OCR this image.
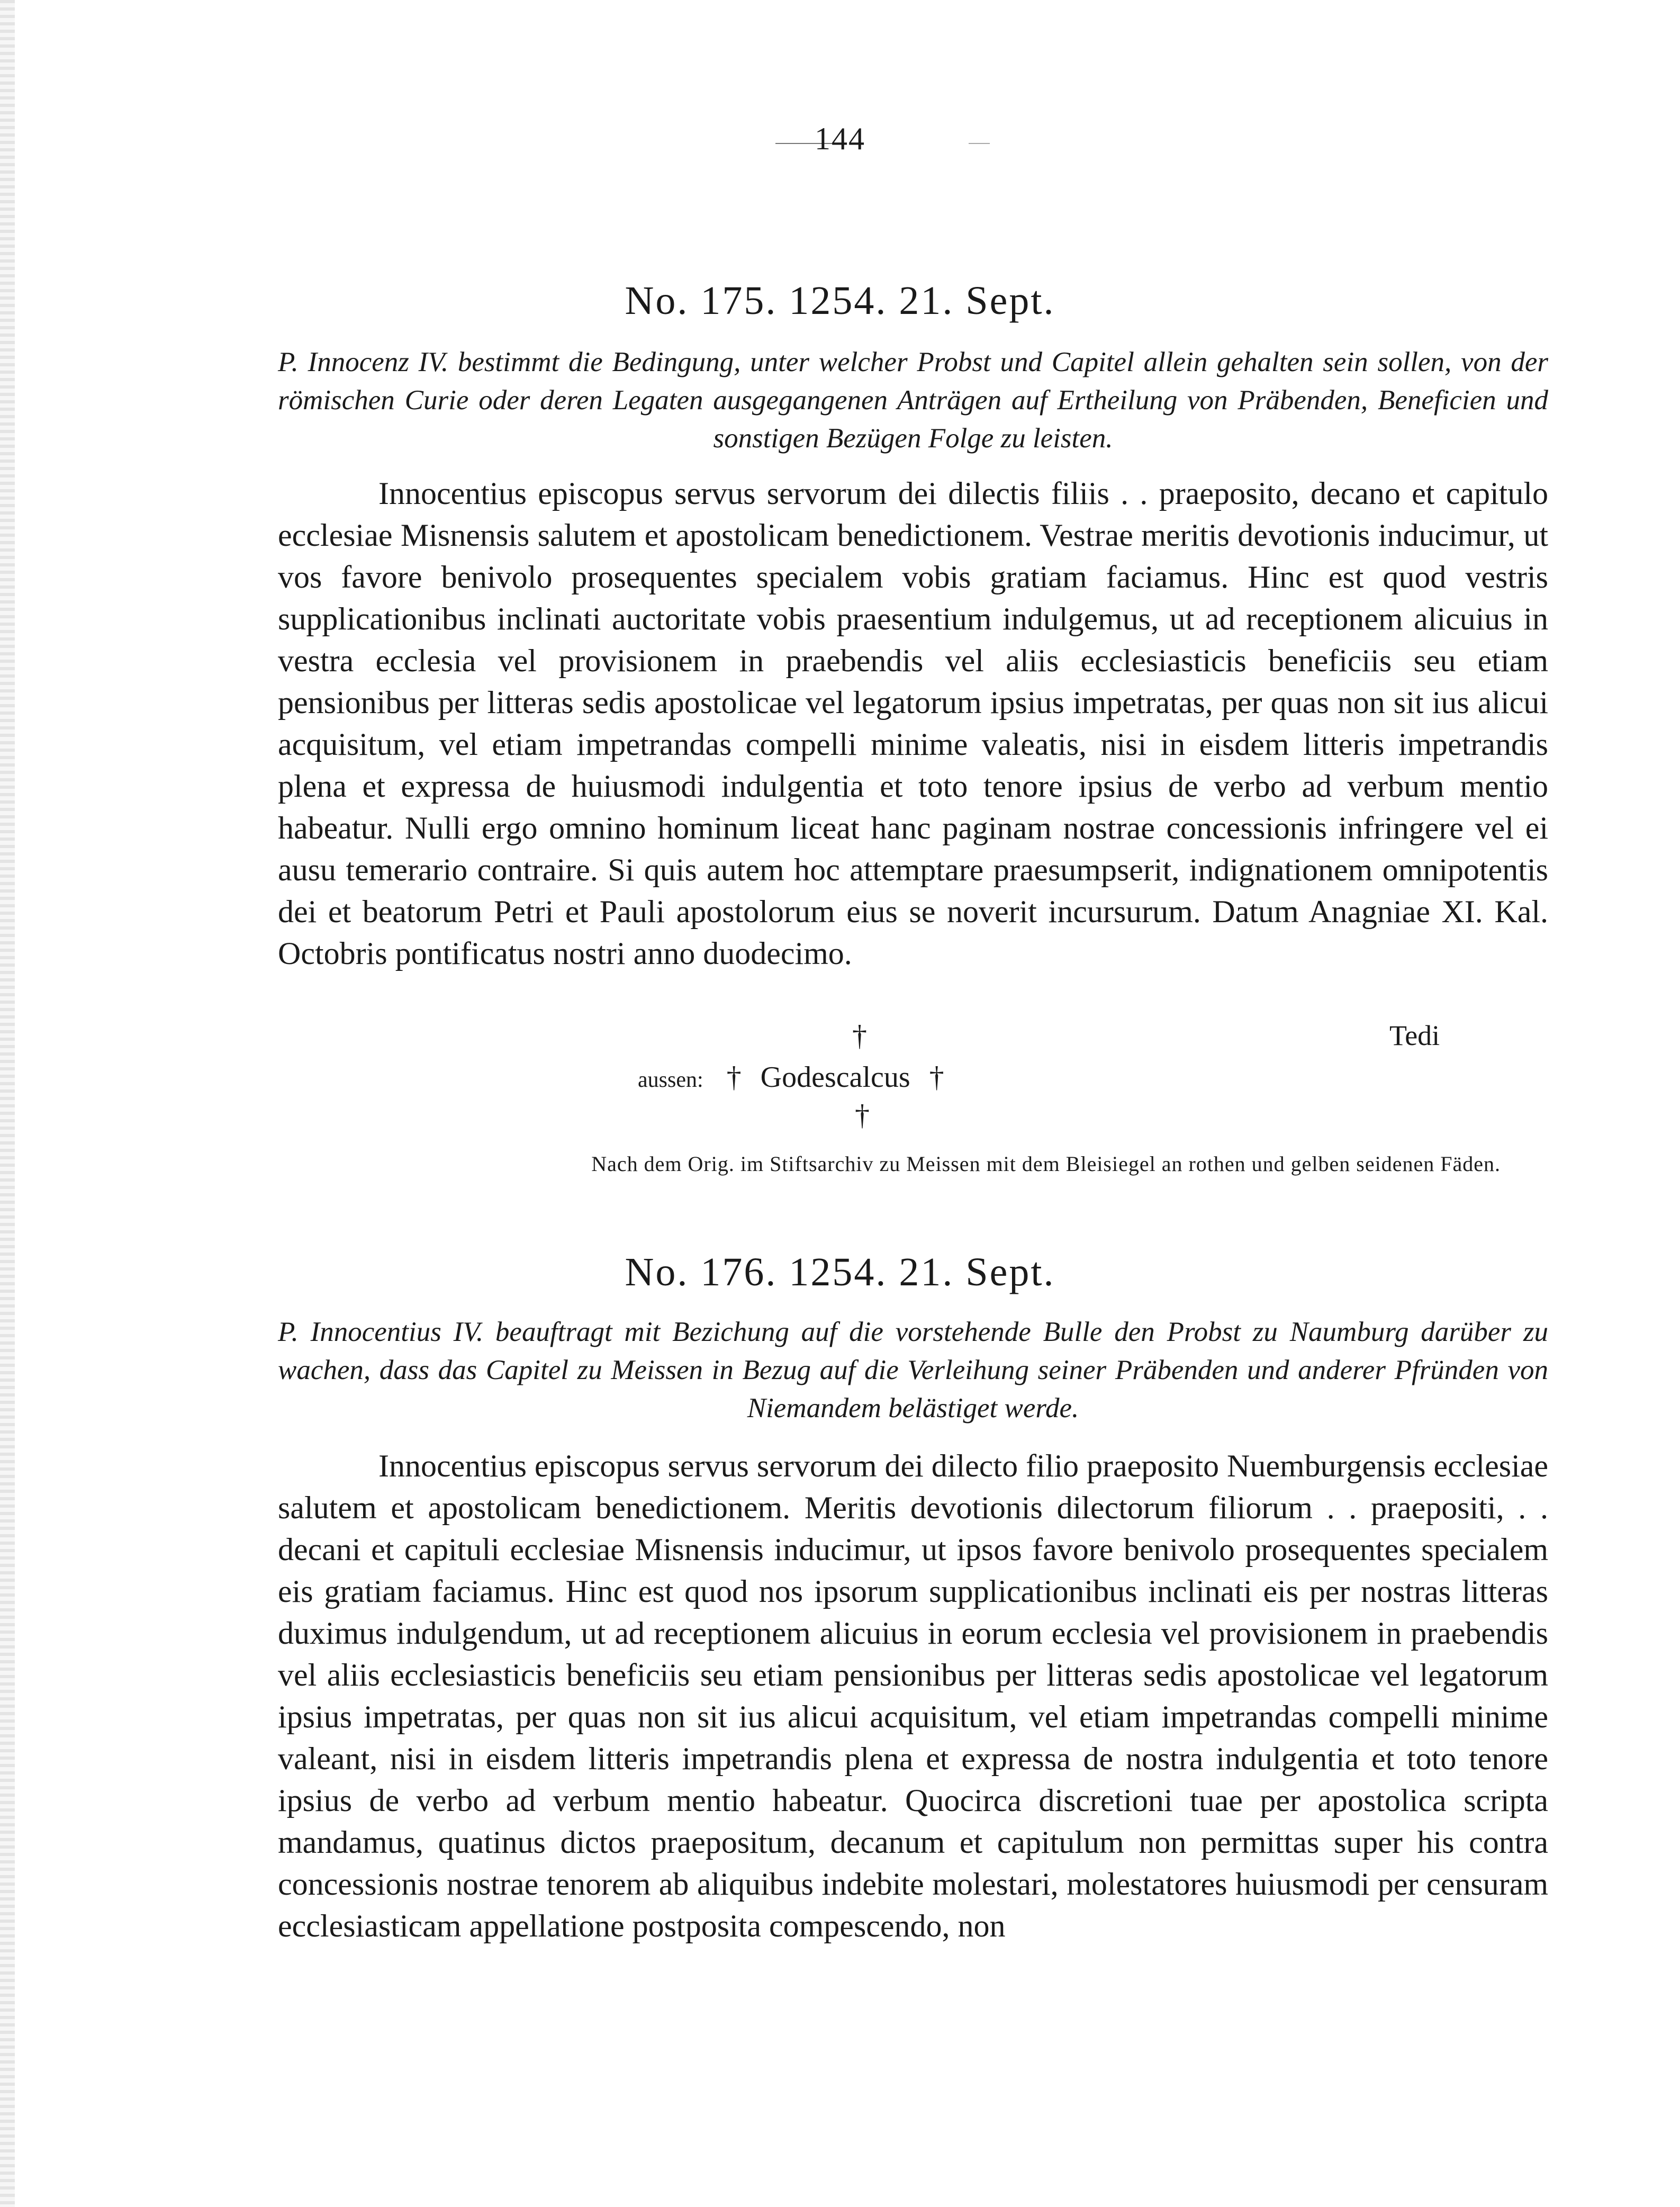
144
No. 175. 1254. 21. Sept.
P. Innocenz IV. bestimmt die Bedingung, unter welcher Probst und Capitel allein gehalten sein sollen, von der römischen Curie oder deren Legaten ausgegangenen Anträgen auf Ertheilung von Präbenden, Beneficien und sonstigen Bezügen Folge zu leisten.
Innocentius episcopus servus servorum dei dilectis filiis . . praeposito, decano et capitulo ecclesiae Misnensis salutem et apostolicam benedictionem. Vestrae meritis devotionis inducimur, ut vos favore benivolo prosequentes specialem vobis gratiam faciamus. Hinc est quod vestris supplicationibus inclinati auctoritate vobis praesentium indulgemus, ut ad receptionem alicuius in vestra ecclesia vel provisionem in praebendis vel aliis ecclesiasticis beneficiis seu etiam pensionibus per litteras sedis apostolicae vel legatorum ipsius impetratas, per quas non sit ius alicui acquisitum, vel etiam impetrandas compelli minime valeatis, nisi in eisdem litteris impetrandis plena et expressa de huiusmodi indulgentia et toto tenore ipsius de verbo ad verbum mentio habeatur. Nulli ergo omnino hominum liceat hanc paginam nostrae concessionis infringere vel ei ausu temerario contraire. Si quis autem hoc attemptare praesumpserit, indignationem omnipotentis dei et beatorum Petri et Pauli apostolorum eius se noverit incursurum. Datum Anagniae XI. Kal. Octobris pontificatus nostri anno duodecimo.
†	Tedi
aussen: † Godescalcus †
†
Nach dem Orig. im Stiftsarchiv zu Meissen mit dem Bleisiegel an rothen und gelben seidenen Fäden.
No. 176. 1254. 21. Sept.
P. Innocentius IV. beauftragt mit Bezichung auf die vorstehende Bulle den Probst zu Naumburg darüber zu wachen, dass das Capitel zu Meissen in Bezug auf die Verleihung seiner Präbenden und anderer Pfründen von Niemandem belästiget werde.
Innocentius episcopus servus servorum dei dilecto filio praeposito Nuemburgensis ecclesiae salutem et apostolicam benedictionem. Meritis devotionis dilectorum filiorum . . praepositi, . . decani et capituli ecclesiae Misnensis inducimur, ut ipsos favore benivolo prosequentes specialem eis gratiam faciamus. Hinc est quod nos ipsorum supplicationibus inclinati eis per nostras litteras duximus indulgendum, ut ad receptionem alicuius in eorum ecclesia vel provisionem in praebendis vel aliis ecclesiasticis beneficiis seu etiam pensionibus per litteras sedis apostolicae vel legatorum ipsius impetratas, per quas non sit ius alicui acquisitum, vel etiam impetrandas compelli minime valeant, nisi in eisdem litteris impetrandis plena et expressa de nostra indulgentia et toto tenore ipsius de verbo ad verbum mentio habeatur. Quocirca discretioni tuae per apostolica scripta mandamus, quatinus dictos praepositum, decanum et capitulum non permittas super his contra concessionis nostrae tenorem ab aliquibus indebite molestari, molestatores huiusmodi per censuram ecclesiasticam appellatione postposita compescendo, non
